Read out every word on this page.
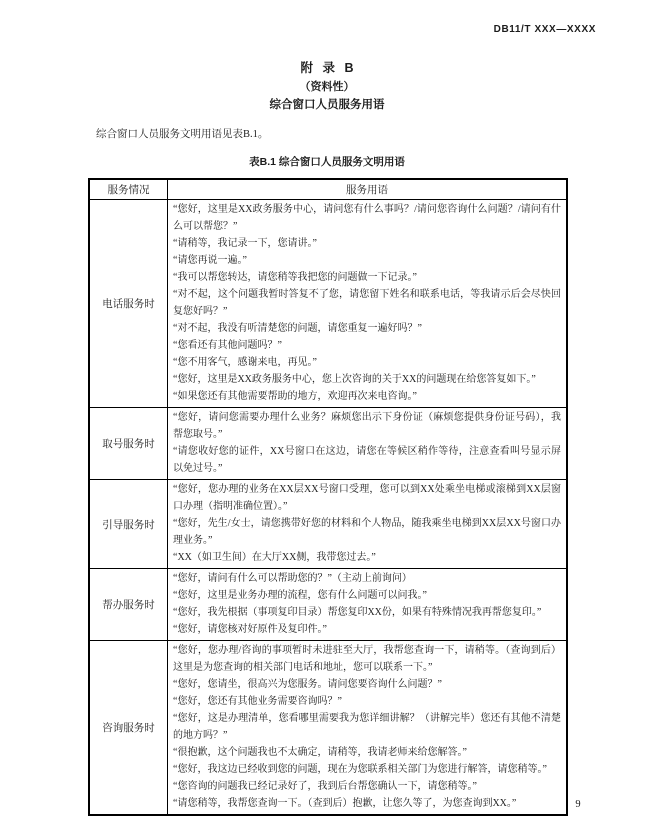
DB11/T XXX—XXXX
附 录 B
（资料性）
综合窗口人员服务用语
综合窗口人员服务文明用语见表B.1。
表B.1 综合窗口人员服务文明用语
服务情况	服务用语
电话服务时	
“您好，这里是XX政务服务中心，请问您有什么事吗？/请问您咨询什么问题？/请问有什么可以帮您？”
“请稍等，我记录一下，您请讲。”
“请您再说一遍。”
“我可以帮您转达，请您稍等我把您的问题做一下记录。”
“对不起，这个问题我暂时答复不了您，请您留下姓名和联系电话，等我请示后会尽快回复您好吗？”
“对不起，我没有听清楚您的问题，请您重复一遍好吗？”
“您看还有其他问题吗？”
“您不用客气，感谢来电，再见。”
“您好，这里是XX政务服务中心，您上次咨询的关于XX的问题现在给您答复如下。”
“如果您还有其他需要帮助的地方，欢迎再次来电咨询。”

取号服务时	“您好，请问您需要办理什么业务？麻烦您出示下身份证（麻烦您提供身份证号码），我帮您取号。”
“请您收好您的证件，XX号窗口在这边，请您在等候区稍作等待，注意查看叫号显示屏以免过号。”

引导服务时	“您好，您办理的业务在XX层XX号窗口受理，您可以到XX处乘坐电梯或滚梯到XX层窗口办理（指明准确位置）。”
“您好，先生/女士，请您携带好您的材料和个人物品，随我乘坐电梯到XX层XX号窗口办理业务。”
“XX（如卫生间）在大厅XX侧，我带您过去。”

帮办服务时	“您好，请问有什么可以帮助您的？”（主动上前询问）
“您好，这里是业务办理的流程，您有什么问题可以问我。”
“您好，我先根据（事项复印目录）帮您复印XX份，如果有特殊情况我再帮您复印。”
“您好，请您核对好原件及复印件。”

咨询服务时	
“您好，您办理/咨询的事项暂时未进驻至大厅，我帮您查询一下，请稍等。（查询到后）这里是为您查询的相关部门电话和地址，您可以联系一下。”
“您好，您请坐，很高兴为您服务。请问您要咨询什么问题？”
“您好，您还有其他业务需要咨询吗？”
“您好，这是办理清单，您看哪里需要我为您详细讲解？（讲解完毕）您还有其他不清楚的地方吗？”
“很抱歉，这个问题我也不太确定，请稍等，我请老师来给您解答。”
“您好，我这边已经收到您的问题，现在为您联系相关部门为您进行解答，请您稍等。”
“您咨询的问题我已经记录好了，我到后台帮您确认一下，请您稍等。”
“请您稍等，我帮您查询一下。（查到后）抱歉，让您久等了，为您查询到XX。”	9
